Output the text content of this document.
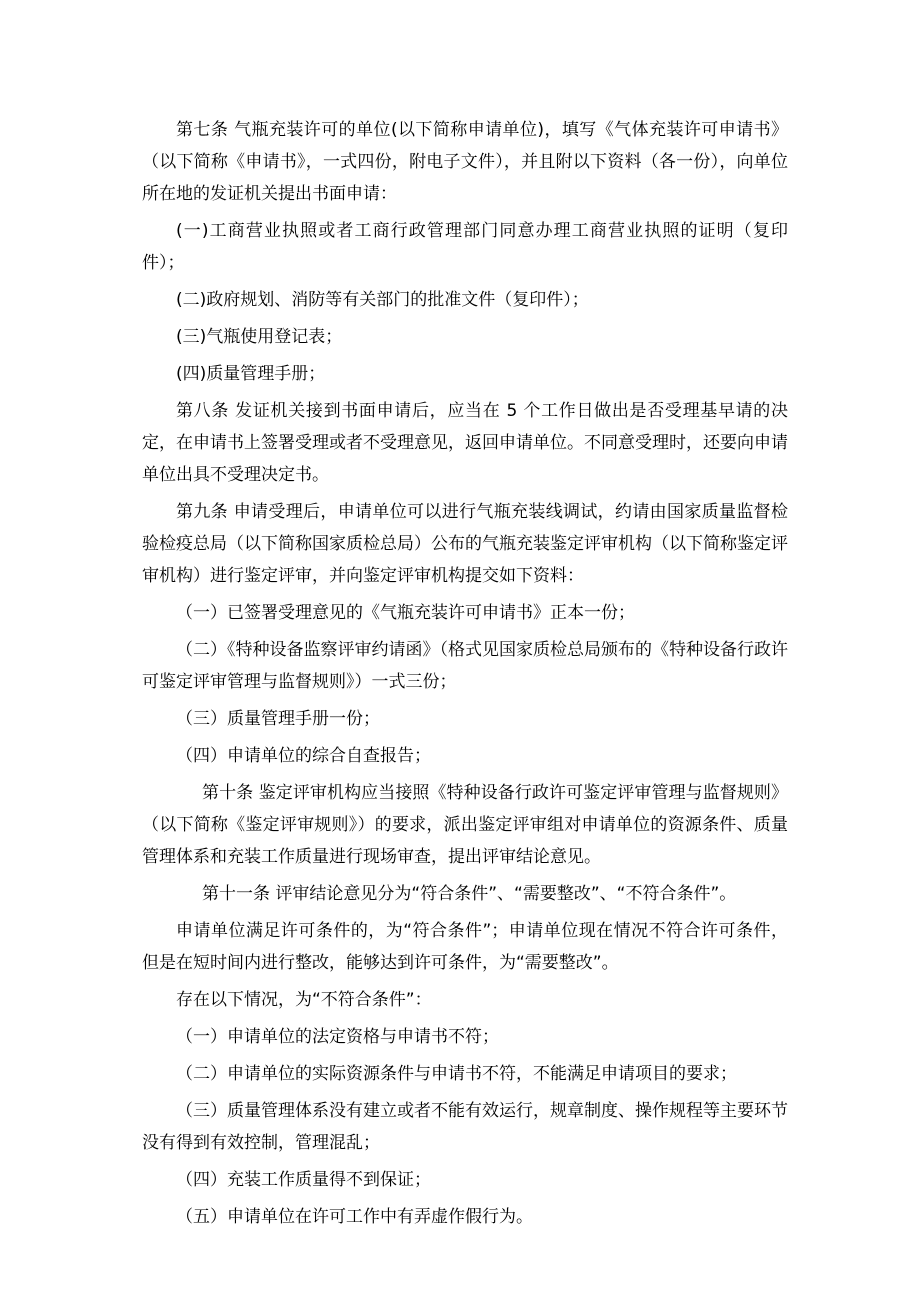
第七条 气瓶充装许可的单位(以下简称申请单位)，填写《气体充装许可申请书》（以下简称《申请书》，一式四份，附电子文件），并且附以下资料（各一份），向单位所在地的发证机关提出书面申请：

(一)工商营业执照或者工商行政管理部门同意办理工商营业执照的证明（复印件）；

(二)政府规划、消防等有关部门的批准文件（复印件）；

(三)气瓶使用登记表；

(四)质量管理手册；

第八条 发证机关接到书面申请后，应当在 5 个工作日做出是否受理基早请的决定，在申请书上签署受理或者不受理意见，返回申请单位。不同意受理时，还要向申请单位出具不受理决定书。

第九条 申请受理后，申请单位可以进行气瓶充装线调试，约请由国家质量监督检验检疫总局（以下简称国家质检总局）公布的气瓶充装鉴定评审机构（以下简称鉴定评审机构）进行鉴定评审，并向鉴定评审机构提交如下资料：

（一）已签署受理意见的《气瓶充装许可申请书》正本一份；

（二）《特种设备监察评审约请函》（格式见国家质检总局颁布的《特种设备行政许可鉴定评审管理与监督规则》）一式三份；

（三）质量管理手册一份；

（四）申请单位的综合自查报告；

第十条 鉴定评审机构应当接照《特种设备行政许可鉴定评审管理与监督规则》（以下简称《鉴定评审规则》）的要求，派出鉴定评审组对申请单位的资源条件、质量管理体系和充装工作质量进行现场审查，提出评审结论意见。

第十一条 评审结论意见分为“符合条件”、“需要整改”、“不符合条件”。

申请单位满足许可条件的，为“符合条件”；申请单位现在情况不符合许可条件，但是在短时间内进行整改，能够达到许可条件，为“需要整改”。

存在以下情况，为“不符合条件”：

（一）申请单位的法定资格与申请书不符；

（二）申请单位的实际资源条件与申请书不符，不能满足申请项目的要求；

（三）质量管理体系没有建立或者不能有效运行，规章制度、操作规程等主要环节没有得到有效控制，管理混乱；

（四）充装工作质量得不到保证；

（五）申请单位在许可工作中有弄虚作假行为。
